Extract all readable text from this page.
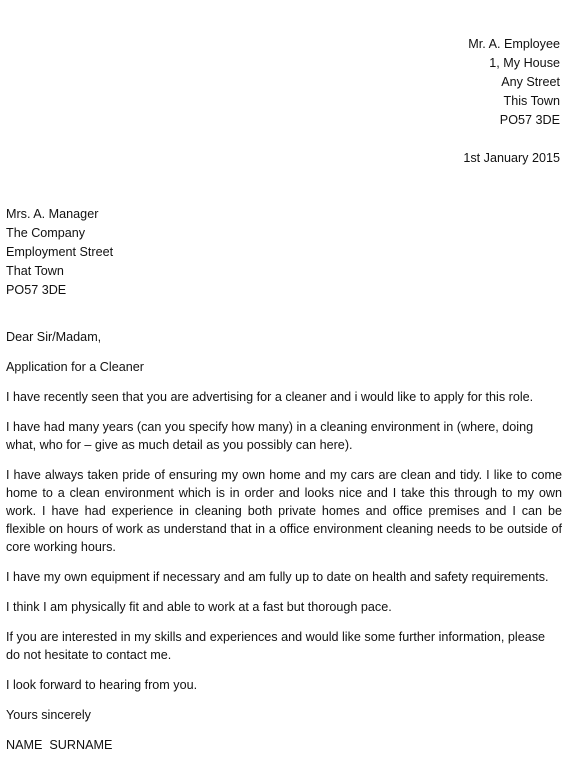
Mr. A. Employee
1, My House
Any Street
This Town
PO57 3DE
1st January 2015
Mrs. A. Manager
The Company
Employment Street
That Town
PO57 3DE

Dear Sir/Madam,

Application for a Cleaner

I have recently seen that you are advertising for a cleaner and i would like to apply for this role.

I have had many years (can you specify how many) in a cleaning environment in (where, doing what, who for – give as much detail as you possibly can here).

I have always taken pride of ensuring my own home and my cars are clean and tidy. I like to come home to a clean environment which is in order and looks nice and I take this through to my own work. I have had experience in cleaning both private homes and office premises and I can be flexible on hours of work as understand that in a office environment cleaning needs to be outside of core working hours.

I have my own equipment if necessary and am fully up to date on health and safety requirements.

I think I am physically fit and able to work at a fast but thorough pace.

If you are interested in my skills and experiences and would like some further information, please do not hesitate to contact me.

I look forward to hearing from you.

Yours sincerely

NAME  SURNAME
